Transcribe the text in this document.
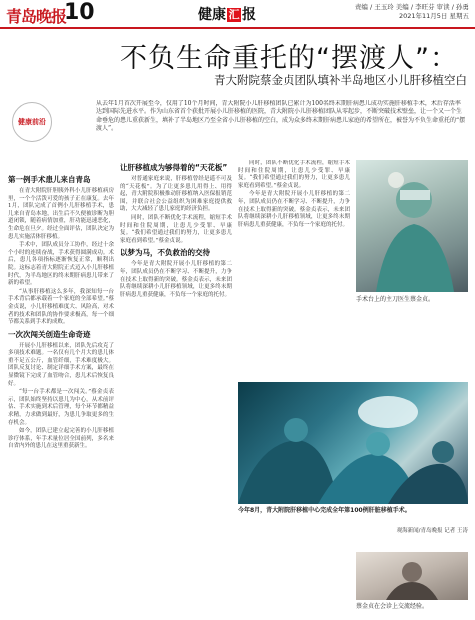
青岛晚报
10	健康 汇 报	责编 / 王玉玲 美编 / 李旺芬 审读 / 孙勇
2021年11月5日 星期五
不负生命重托的“摆渡人”：
青大附院蔡金贞团队填补半岛地区小儿肝移植空白
健康前沿
从去年1月首次开展至今，仅用了10个月时间，青大附院小儿肝移植团队已累计为100名终末期肝病患儿成功实施肝移植手术，术后存活率达到国际先进水平。作为山东省首个获批开展小儿肝移植的医院，青大附院小儿肝移植团队从零起步，不断突破技术壁垒，让一个又一个生命垂危的患儿重获新生，填补了半岛地区乃至全省小儿肝移植的空白，成为众多终末期肝病患儿家庭的希望所在，被誉为不负生命重托的“摆渡人”。
第一例手术患儿来自青岛

在青大附院肝胆胰外科小儿肝移植病房里，一个个活泼可爱的孩子正在康复。去年1月，团队完成了首例小儿肝移植手术，患儿来自青岛本地，出生后不久便被诊断为胆道闭锁，随着病情加重，肝功能迅速恶化，生命危在旦夕。经过全面评估，团队决定为患儿实施活体肝移植。

手术中，团队成员分工协作，经过十余个小时的连续奋战，手术获得圆满成功。术后，患儿各项指标逐渐恢复正常，顺利出院。这标志着青大附院正式迈入小儿肝移植时代，为半岛地区的终末期肝病患儿带来了新的希望。

“从事肝移植这么多年，我深知每一台手术背后都承载着一个家庭的全部希望。”蔡金贞说，小儿肝移植难度大、风险高，对术者的技术和团队的协作要求极高，每一个细节都关系到手术的成败。

一次次闯关创造生命奇迹

开展小儿肝移植以来，团队先后攻克了多项技术难题。一名仅有几个月大的患儿体重不足五公斤，血管纤细，手术难度极大。团队反复讨论、制定详细手术方案，最终在显微镜下完成了血管吻合，患儿术后恢复良好。

“每一台手术都是一次闯关。”蔡金贞表示，团队始终坚持以患儿为中心，从术前评估、手术实施到术后管理，每个环节都精益求精，力求做到最好，为患儿争取更多的生存机会。

如今，团队已建立起完善的小儿肝移植诊疗体系，年手术量位居全国前列，多名来自省内外的患儿在这里重获新生。

让肝移植成为够得着的“天花板”

对普通家庭来说，肝移植曾经是遥不可及的“天花板”。为了让更多患儿用得上、用得起，青大附院积极推动肝移植纳入医保报销范围，并联合社会公益组织为困难家庭提供救助，大大减轻了患儿家庭的经济负担。

同时，团队不断优化手术流程，缩短手术时间和住院周期，让患儿少受罪、早康复。“我们希望通过我们的努力，让更多患儿家庭看到希望。”蔡金贞说。

以梦为马，不负救治的交待

今年是青大附院开展小儿肝移植的第二年，团队成员仍在不断学习、不断提升，力争在技术上取得新的突破。蔡金贞表示，未来团队将继续深耕小儿肝移植领域，让更多终末期肝病患儿重获健康，不负每一个家庭的托付。

同时，团队不断优化手术流程，缩短手术时间和住院周期，让患儿少受罪、早康复。“我们希望通过我们的努力，让更多患儿家庭看到希望。”蔡金贞说。

今年是青大附院开展小儿肝移植的第二年，团队成员仍在不断学习、不断提升，力争在技术上取得新的突破。蔡金贞表示，未来团队将继续深耕小儿肝移植领域，让更多终末期肝病患儿重获健康，不负每一个家庭的托付。

手术台上的主刀医生蔡金贞。
今年8月，青大附院肝移植中心完成全年第100例肝脏移植手术。
观海新闻/青岛晚报 记者 王涛
蔡金贞在会诊上交流经验。
